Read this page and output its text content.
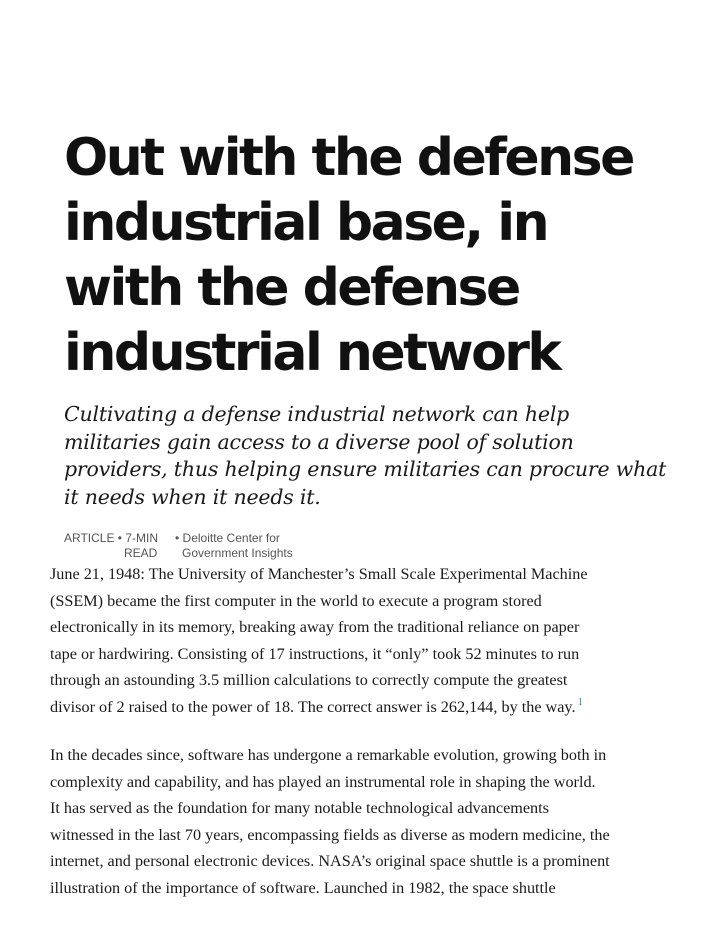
Out with the defense
industrial base, in
with the defense
industrial network

Cultivating a defense industrial network can help
militaries gain access to a diverse pool of solution
providers, thus helping ensure militaries can procure what
it needs when it needs it.

ARTICLE • 7-MIN
READ
• Deloitte Center for
Government Insights
June 21, 1948: The University of Manchester’s Small Scale Experimental Machine
(SSEM) became the first computer in the world to execute a program stored
electronically in its memory, breaking away from the traditional reliance on paper
tape or hardwiring. Consisting of 17 instructions, it “only” took 52 minutes to run
through an astounding 3.5 million calculations to correctly compute the greatest
divisor of 2 raised to the power of 18. The correct answer is 262,144, by the way. $^1$
In the decades since, software has undergone a remarkable evolution, growing both in
complexity and capability, and has played an instrumental role in shaping the world.
It has served as the foundation for many notable technological advancements
witnessed in the last 70 years, encompassing fields as diverse as modern medicine, the
internet, and personal electronic devices. NASA’s original space shuttle is a prominent
illustration of the importance of software. Launched in 1982, the space shuttle
